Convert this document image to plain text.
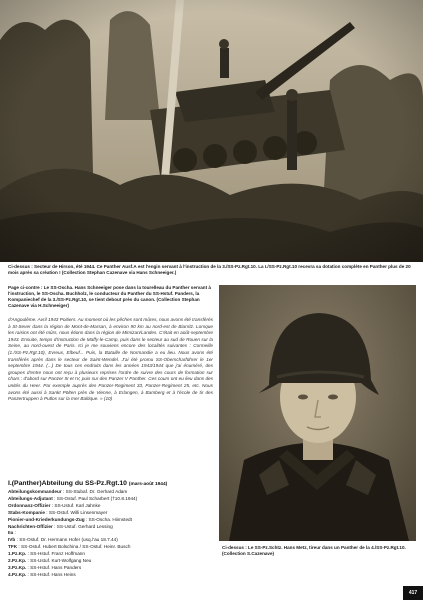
Ci-dessus : Secteur de Hirson, été 1944. Ce Panther Ausf.A est l'engin servant à l'instruction de la 3./SS-Pz.Rgt.10. La I./SS-Pz.Rgt.10 recevra sa dotation complète en Panther plus de 20 mois après sa création ! (Collection Stephan Cazenave via Hans Schneeiger.)
Page ci-contre : Le SS-Oscha. Hans Schneeiger pose dans la tourelleau du Panther servant à l'instruction, le SS-Oscha. Buchholz, le conducteur du Panther du SS-Hstuf. Panders, la Kompaniechef de la 3./SS-Pz.Rgt.10, se tient debout près du canon. (Collection Stephan Cazenave via H.Schneeiger)
d'Angoulême. Avril 1943 Poitiers. Au moment où les pêches sont mûres, nous avons été transférés à St-Sever dans la région de Mont-de-Marsan, à environ 90 km au nord-est de Biarritz. Lorsque les raisins ont été mûrs, nous étions dans la région de Mimizan/Landes. C'était en août-septembre 1943. Ensuite, temps d'instruction de Maffy-le-Camp, puis dans le secteur au sud de Rouen sur la Seine, au nord-ouest de Paris. Ici je me souviens encore des localités suivantes : Cormeille (1./SS-Pz.Rgt.10), Evreux, Elbeuf... Puis, la Bataille de Normandie a eu lieu. Nous avons été transférés après dans le secteur de Saint-Wendel. J'ai été promu SS-Oberscharführer le 1er septembre 1944. (...) De tous ces endroits dans les années 1943/1944 que j'ai énuméré, des groupes d'entre nous ont reçu à plusieurs reprises l'ordre de suivre des cours de formation sur chars : d'abord sur Panzer III et IV, puis sur des Panzer V Panther. Ces cours ont eu lieu dans des unités du Heer. Par exemple auprès des Panzer-Regiment 33, Panzer-Regiment 25, etc. Nous avons été aussi à Sankt Pölten près de Vienne, à Erlangen, à Bamberg et à l'école de tir des Panzertruppen à Putlos sur la mer Baltique. » (10)
I.(Panther)Abteilung du SS-Pz.Rgt.10 (mars-août 1944)
Abteilungskommandeur : SS-Stubaf. Dr. Gerhard Adam
Abteilungs-Adjutant : SS-Ostuf. Paul Scharbert (†10.8.1944)
Ordonnanz-Offizier : SS-Ustuf. Karl Jahnke
Stabs-Kompanie : SS-Ostuf. Willi Linsenmayer
Pionier-und-Kriederkundungs-Zug : SS-Oscha. Hiimstedt
Nachrichten-Offizier : SS-Ustuf. Gerhard Lessing
IIa :
IVb : SS-Ostuf. Dr. Hermann Hofer (usq./'au 18.7.44)
TFK : SS-Ostuf. Hubert Bolschina / SS-Ostuf. Heinr. Busch
1.Pz.Kp. : SS-Hstuf. Franz Hoffmann
2.Pz.Kp. : SS-Ustuf. Kurt-Wolfgang Neu
3.Pz.Kp. : SS-Hstuf. Hans Panders
4.Pz.Kp. : SS-Hstuf. Hans Heins
Ci-dessus : Le SS-Pz.Schtz. Hans Metz, tireur dans un Panther de la 4./SS-Pz.Rgt.10. (Collection S.Cazenave)
417
